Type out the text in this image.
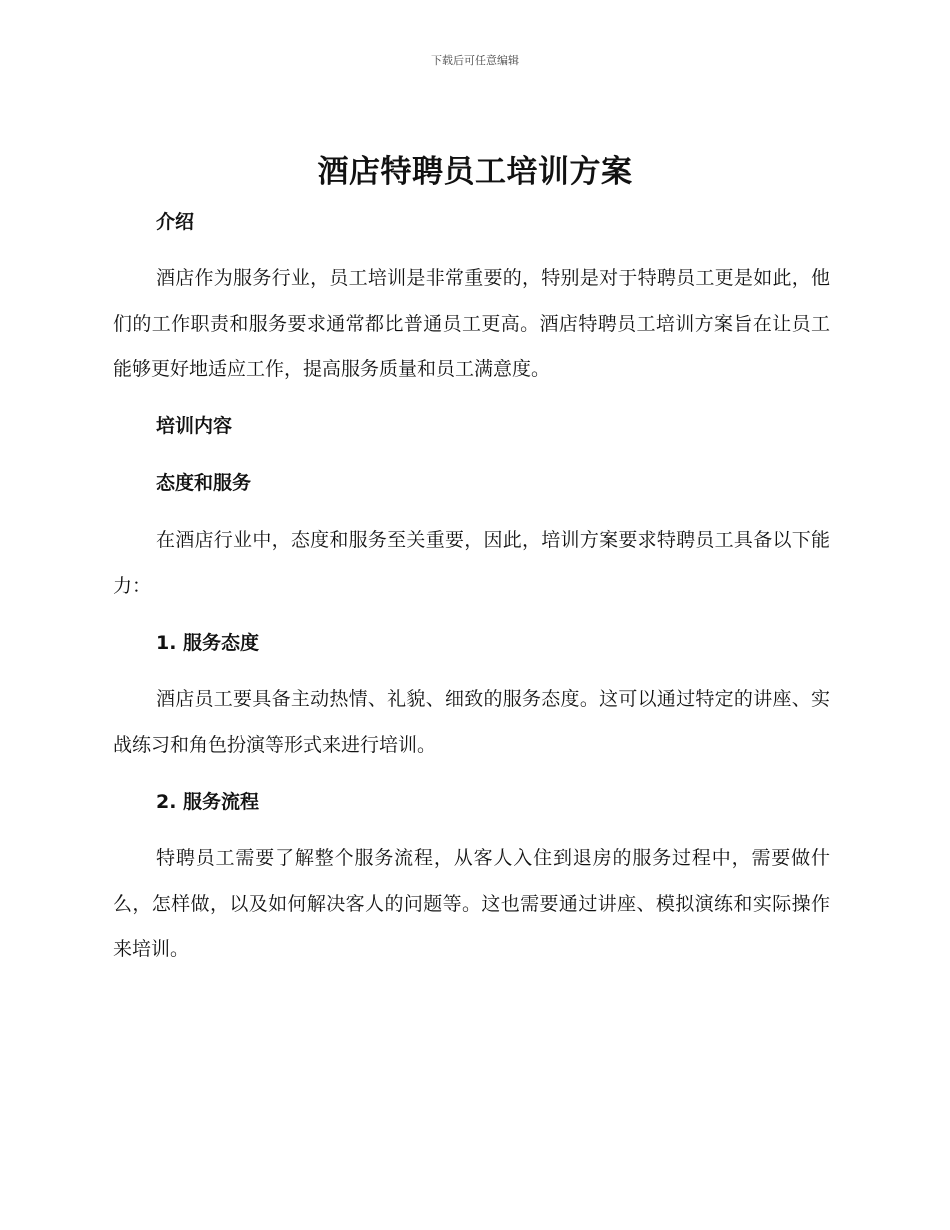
下载后可任意编辑
酒店特聘员工培训方案
介绍

酒店作为服务行业，员工培训是非常重要的，特别是对于特聘员工更是如此，他们的工作职责和服务要求通常都比普通员工更高。酒店特聘员工培训方案旨在让员工能够更好地适应工作，提高服务质量和员工满意度。

培训内容
态度和服务

在酒店行业中，态度和服务至关重要，因此，培训方案要求特聘员工具备以下能力：

1. 服务态度

酒店员工要具备主动热情、礼貌、细致的服务态度。这可以通过特定的讲座、实战练习和角色扮演等形式来进行培训。

2. 服务流程

特聘员工需要了解整个服务流程，从客人入住到退房的服务过程中，需要做什么，怎样做，以及如何解决客人的问题等。这也需要通过讲座、模拟演练和实际操作来培训。
